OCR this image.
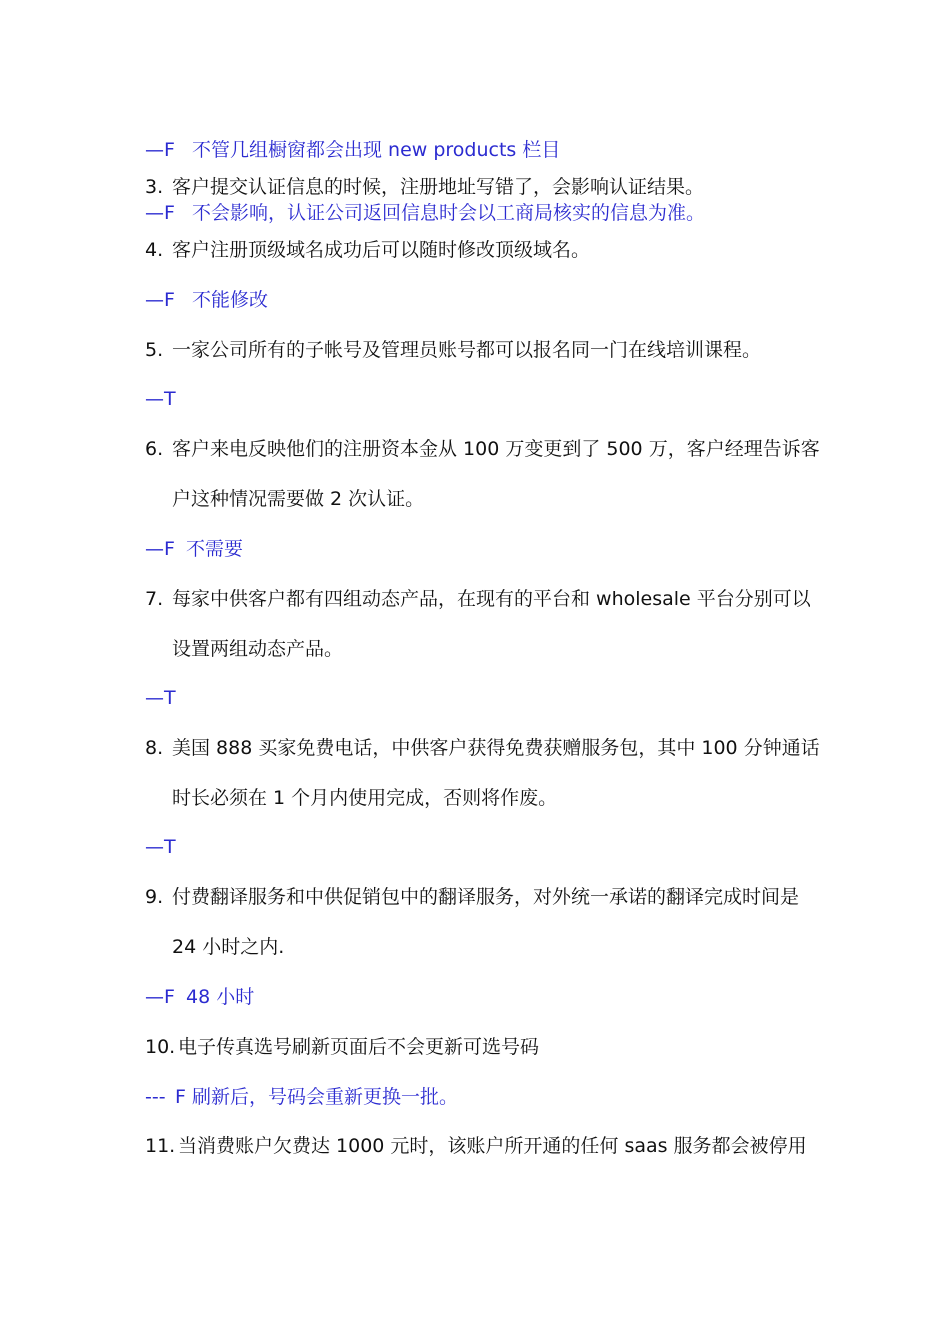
—F 不管几组橱窗都会出现 new products 栏目
3. 客户提交认证信息的时候，注册地址写错了，会影响认证结果。
—F 不会影响，认证公司返回信息时会以工商局核实的信息为准。
4. 客户注册顶级域名成功后可以随时修改顶级域名。
—F 不能修改
5. 一家公司所有的子帐号及管理员账号都可以报名同一门在线培训课程。
—T
6. 客户来电反映他们的注册资本金从 100 万变更到了 500 万，客户经理告诉客
户这种情况需要做 2 次认证。
—F 不需要
7. 每家中供客户都有四组动态产品，在现有的平台和 wholesale 平台分别可以
设置两组动态产品。
—T
8. 美国 888 买家免费电话，中供客户获得免费获赠服务包，其中 100 分钟通话
时长必须在 1 个月内使用完成，否则将作废。
—T
9. 付费翻译服务和中供促销包中的翻译服务，对外统一承诺的翻译完成时间是
24 小时之内.
—F 48 小时
10. 电子传真选号刷新页面后不会更新可选号码
--- F 刷新后，号码会重新更换一批。
11. 当消费账户欠费达 1000 元时，该账户所开通的任何 saas 服务都会被停用
